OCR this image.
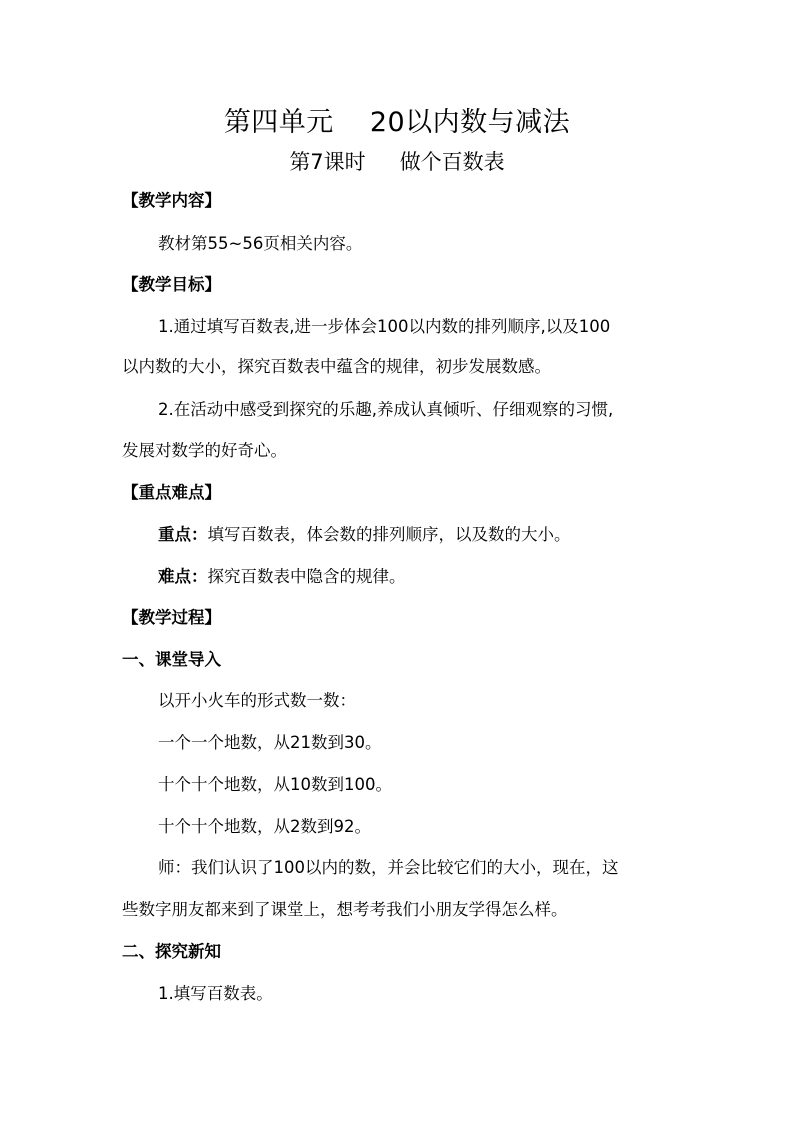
第四单元 20以内数与减法
第7课时 做个百数表
【教学内容】
教材第55~56页相关内容。
【教学目标】
1.通过填写百数表,进一步体会100以内数的排列顺序,以及100
以内数的大小，探究百数表中蕴含的规律，初步发展数感。
2.在活动中感受到探究的乐趣,养成认真倾听、仔细观察的习惯,
发展对数学的好奇心。
【重点难点】
重点：填写百数表，体会数的排列顺序，以及数的大小。
难点：探究百数表中隐含的规律。
【教学过程】
一、课堂导入
以开小火车的形式数一数：
一个一个地数，从21数到30。
十个十个地数，从10数到100。
十个十个地数，从2数到92。
师：我们认识了100以内的数，并会比较它们的大小，现在，这
些数字朋友都来到了课堂上，想考考我们小朋友学得怎么样。
二、探究新知
1.填写百数表。
